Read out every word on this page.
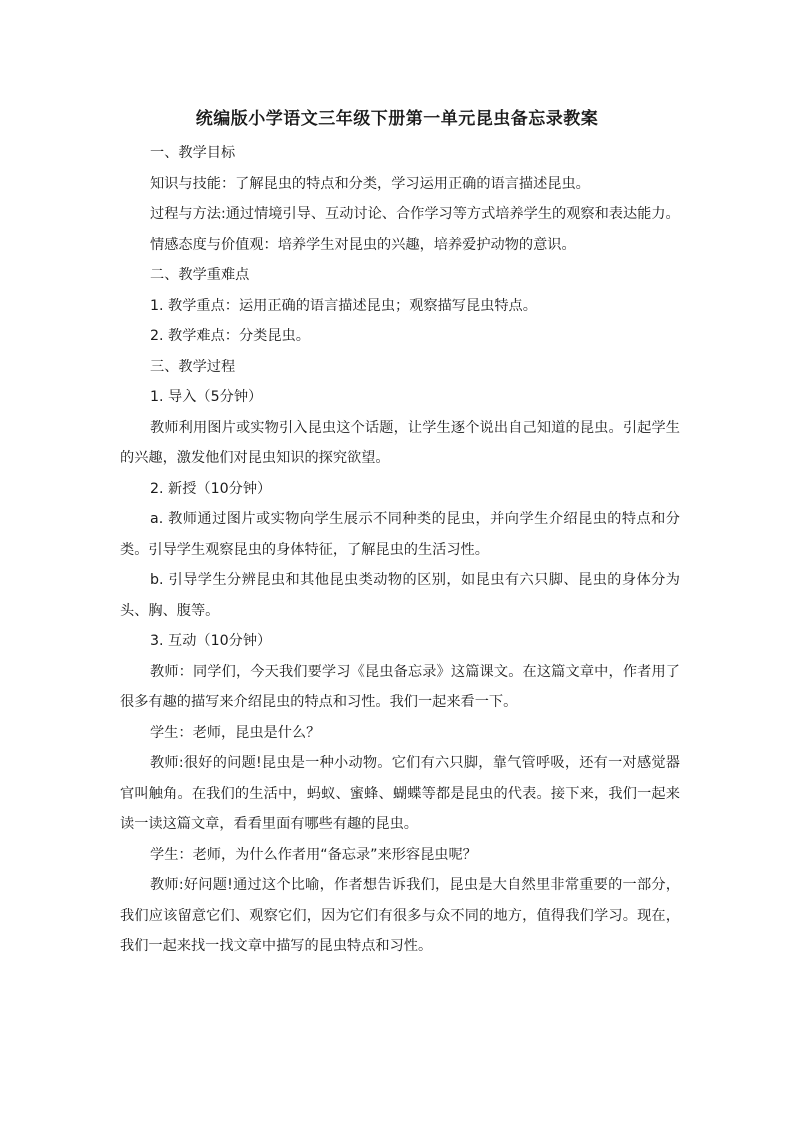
统编版小学语文三年级下册第一单元昆虫备忘录教案

一、教学目标

知识与技能：了解昆虫的特点和分类，学习运用正确的语言描述昆虫。

过程与方法:通过情境引导、互动讨论、合作学习等方式培养学生的观察和表达能力。

情感态度与价值观：培养学生对昆虫的兴趣，培养爱护动物的意识。

二、教学重难点

1. 教学重点：运用正确的语言描述昆虫；观察描写昆虫特点。

2. 教学难点：分类昆虫。

三、教学过程

1. 导入（5分钟）

教师利用图片或实物引入昆虫这个话题，让学生逐个说出自己知道的昆虫。引起学生的兴趣，激发他们对昆虫知识的探究欲望。

2. 新授（10分钟）

a. 教师通过图片或实物向学生展示不同种类的昆虫，并向学生介绍昆虫的特点和分类。引导学生观察昆虫的身体特征，了解昆虫的生活习性。

b. 引导学生分辨昆虫和其他昆虫类动物的区别，如昆虫有六只脚、昆虫的身体分为头、胸、腹等。

3. 互动（10分钟）

教师：同学们，今天我们要学习《昆虫备忘录》这篇课文。在这篇文章中，作者用了很多有趣的描写来介绍昆虫的特点和习性。我们一起来看一下。

学生：老师，昆虫是什么？

教师:很好的问题!昆虫是一种小动物。它们有六只脚，靠气管呼吸，还有一对感觉器官叫触角。在我们的生活中，蚂蚁、蜜蜂、蝴蝶等都是昆虫的代表。接下来，我们一起来读一读这篇文章，看看里面有哪些有趣的昆虫。

学生：老师，为什么作者用“备忘录”来形容昆虫呢？

教师:好问题!通过这个比喻，作者想告诉我们，昆虫是大自然里非常重要的一部分，我们应该留意它们、观察它们，因为它们有很多与众不同的地方，值得我们学习。现在，我们一起来找一找文章中描写的昆虫特点和习性。
